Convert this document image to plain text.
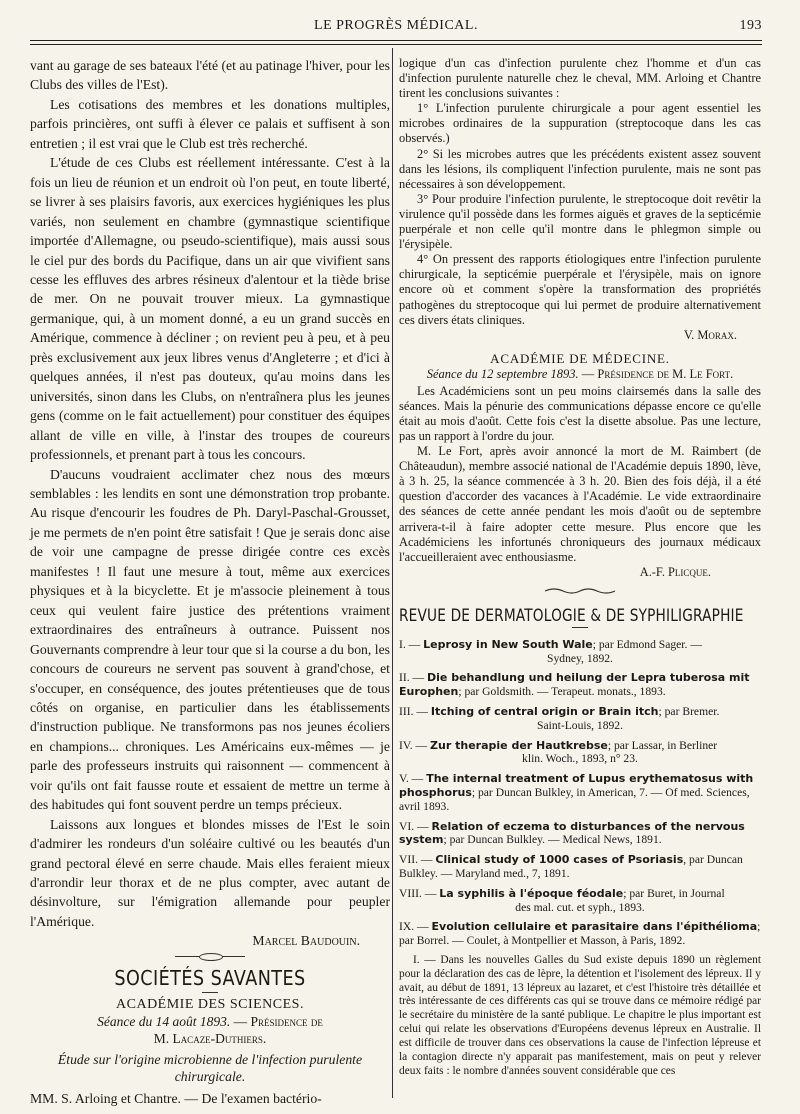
LE PROGRÈS MÉDICAL.	193

vant au garage de ses bateaux l'été (et au patinage l'hiver, pour les Clubs des villes de l'Est).

Les cotisations des membres et les donations multiples, parfois princières, ont suffi à élever ce palais et suffisent à son entretien ; il est vrai que le Club est très recherché.

L'étude de ces Clubs est réellement intéressante. C'est à la fois un lieu de réunion et un endroit où l'on peut, en toute liberté, se livrer à ses plaisirs favoris, aux exercices hygiéniques les plus variés, non seulement en chambre (gymnastique scientifique importée d'Allemagne, ou pseudo-scientifique), mais aussi sous le ciel pur des bords du Pacifique, dans un air que vivifient sans cesse les effluves des arbres résineux d'alentour et la tiède brise de mer. On ne pouvait trouver mieux. La gymnastique germanique, qui, à un moment donné, a eu un grand succès en Amérique, commence à décliner ; on revient peu à peu, et à peu près exclusivement aux jeux libres venus d'Angleterre ; et d'ici à quelques années, il n'est pas douteux, qu'au moins dans les universités, sinon dans les Clubs, on n'entraînera plus les jeunes gens (comme on le fait actuellement) pour constituer des équipes allant de ville en ville, à l'instar des troupes de coureurs professionnels, et prenant part à tous les concours.

D'aucuns voudraient acclimater chez nous des mœurs semblables : les lendits en sont une démonstration trop probante. Au risque d'encourir les foudres de Ph. Daryl-Paschal-Grousset, je me permets de n'en point être satisfait ! Que je serais donc aise de voir une campagne de presse dirigée contre ces excès manifestes ! Il faut une mesure à tout, même aux exercices physiques et à la bicyclette. Et je m'associe pleinement à tous ceux qui veulent faire justice des prétentions vraiment extraordinaires des entraîneurs à outrance. Puissent nos Gouvernants comprendre à leur tour que si la course a du bon, les concours de coureurs ne servent pas souvent à grand'chose, et s'occuper, en conséquence, des joutes prétentieuses que de tous côtés on organise, en particulier dans les établissements d'instruction publique. Ne transformons pas nos jeunes écoliers en champions... chroniques. Les Américains eux-mêmes — je parle des professeurs instruits qui raisonnent — commencent à voir qu'ils ont fait fausse route et essaient de mettre un terme à des habitudes qui font souvent perdre un temps précieux.

Laissons aux longues et blondes misses de l'Est le soin d'admirer les rondeurs d'un soléaire cultivé ou les beautés d'un grand pectoral élevé en serre chaude. Mais elles feraient mieux d'arrondir leur thorax et de ne plus compter, avec autant de désinvolture, sur l'émigration allemande pour peupler l'Amérique.

Marcel Baudouin.
SOCIÉTÉS SAVANTES
ACADÉMIE DES SCIENCES.
Séance du 14 août 1893. — Présidence de
M. Lacaze-Duthiers.
Étude sur l'origine microbienne de l'infection purulente chirurgicale.

MM. S. Arloing et Chantre. — De l'examen bactério-

logique d'un cas d'infection purulente chez l'homme et d'un cas d'infection purulente naturelle chez le cheval, MM. Arloing et Chantre tirent les conclusions suivantes :

1° L'infection purulente chirurgicale a pour agent essentiel les microbes ordinaires de la suppuration (streptocoque dans les cas observés.)

2° Si les microbes autres que les précédents existent assez souvent dans les lésions, ils compliquent l'infection purulente, mais ne sont pas nécessaires à son développement.

3° Pour produire l'infection purulente, le streptocoque doit revêtir la virulence qu'il possède dans les formes aiguës et graves de la septicémie puerpérale et non celle qu'il montre dans le phlegmon simple ou l'érysipèle.

4° On pressent des rapports étiologiques entre l'infection purulente chirurgicale, la septicémie puerpérale et l'érysipèle, mais on ignore encore où et comment s'opère la transformation des propriétés pathogènes du streptocoque qui lui permet de produire alternativement ces divers états cliniques.

V. Morax.
ACADÉMIE DE MÉDECINE.
Séance du 12 septembre 1893. — Présidence de M. Le Fort.

Les Académiciens sont un peu moins clairsemés dans la salle des séances. Mais la pénurie des communications dépasse encore ce qu'elle était au mois d'août. Cette fois c'est la disette absolue. Pas une lecture, pas un rapport à l'ordre du jour.

M. Le Fort, après avoir annoncé la mort de M. Raimbert (de Châteaudun), membre associé national de l'Académie depuis 1890, lève, à 3 h. 25, la séance commencée à 3 h. 20. Bien des fois déjà, il a été question d'accorder des vacances à l'Académie. Le vide extraordinaire des séances de cette année pendant les mois d'août ou de septembre arrivera-t-il à faire adopter cette mesure. Plus encore que les Académiciens les infortunés chroniqueurs des journaux médicaux l'accueilleraient avec enthousiasme.

A.-F. Plicque.
REVUE DE DERMATOLOGIE & DE SYPHILIGRAPHIE
I. — Leprosy in New South Wale; par Edmond Sager. —
Sydney, 1892.
II. — Die behandlung und heilung der Lepra tuberosa mit Europhen; par Goldsmith. — Terapeut. monats., 1893.
III. — Itching of central origin or Brain itch; par Bremer.
Saint-Louis, 1892.
IV. — Zur therapie der Hautkrebse; par Lassar, in Berliner
klin. Woch., 1893, n° 23.
V. — The internal treatment of Lupus erythematosus with phosphorus; par Duncan Bulkley, in American, 7. — Of med. Sciences, avril 1893.
VI. — Relation of eczema to disturbances of the nervous system; par Duncan Bulkley. — Medical News, 1891.
VII. — Clinical study of 1000 cases of Psoriasis, par Duncan Bulkley. — Maryland med., 7, 1891.
VIII. — La syphilis à l'époque féodale; par Buret, in Journal
des mal. cut. et syph., 1893.
IX. — Evolution cellulaire et parasitaire dans l'épithélioma; par Borrel. — Coulet, à Montpellier et Masson, à Paris, 1892.

I. — Dans les nouvelles Galles du Sud existe depuis 1890 un règlement pour la déclaration des cas de lèpre, la détention et l'isolement des lépreux. Il y avait, au début de 1891, 13 lépreux au lazaret, et c'est l'histoire très détaillée et très intéressante de ces différents cas qui se trouve dans ce mémoire rédigé par le secrétaire du ministère de la santé publique. Le chapitre le plus important est celui qui relate les observations d'Européens devenus lépreux en Australie. Il est difficile de trouver dans ces observations la cause de l'infection lépreuse et la contagion directe n'y apparait pas manifestement, mais on peut y relever deux faits : le nombre d'années souvent considérable que ces
